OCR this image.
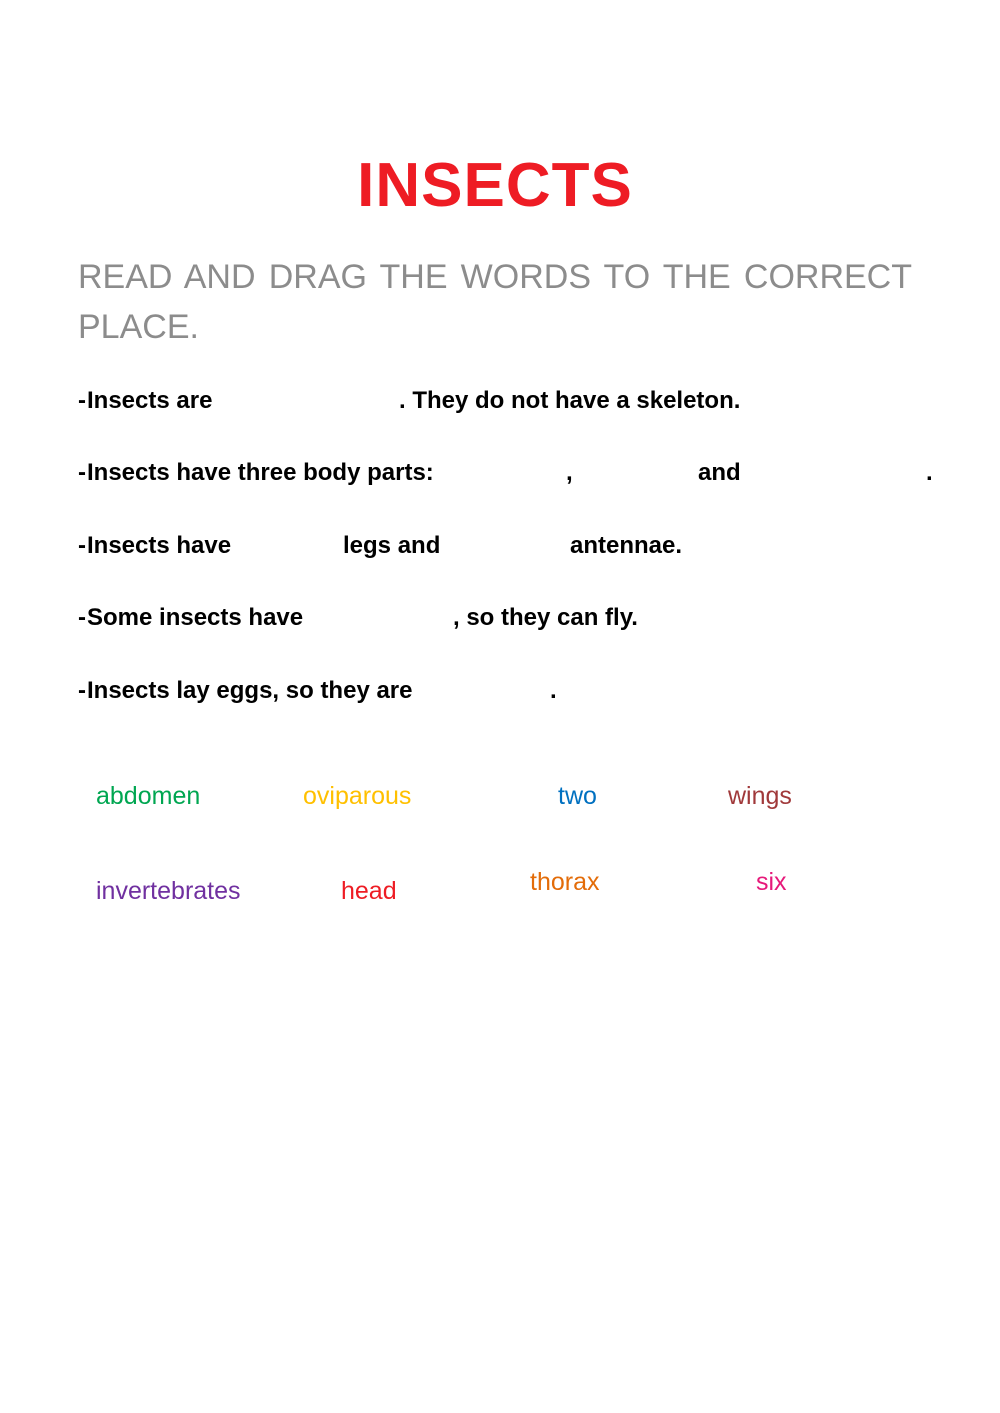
INSECTS

READ AND DRAG THE WORDS TO THE CORRECT PLACE.

- Insects are	. They do not have a skeleton.
- Insects have three body parts:	,	and	.
- Insects have	legs and	antennae.
- Some insects have	, so they can fly.
- Insects lay eggs, so they are	.
abdomen	oviparous	two	wings
invertebrates	head	thorax	six
